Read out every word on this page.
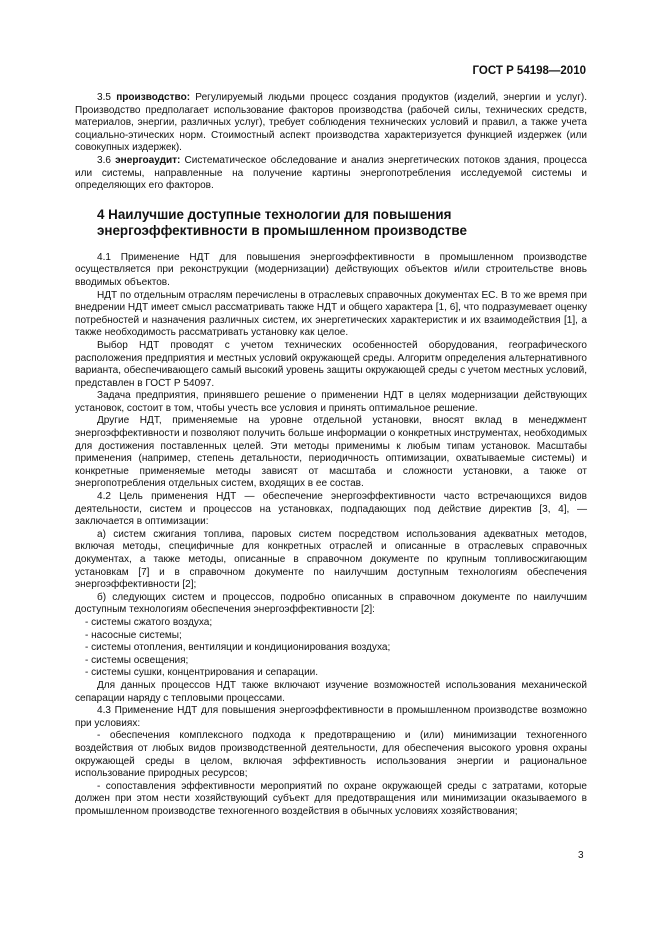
ГОСТ Р 54198—2010

3.5 производство: Регулируемый людьми процесс создания продуктов (изделий, энергии и услуг). Производство предполагает использование факторов производства (рабочей силы, технических средств, материалов, энергии, различных услуг), требует соблюдения технических условий и правил, а также учета социально-этических норм. Стоимостный аспект производства характеризуется функцией издержек (или совокупных издержек).

3.6 энергоаудит: Систематическое обследование и анализ энергетических потоков здания, процесса или системы, направленные на получение картины энергопотребления исследуемой системы и определяющих его факторов.

4 Наилучшие доступные технологии для повышения
энергоэффективности в промышленном производстве

4.1 Применение НДТ для повышения энергоэффективности в промышленном производстве осуществляется при реконструкции (модернизации) действующих объектов и/или строительстве вновь вводимых объектов.

НДТ по отдельным отраслям перечислены в отраслевых справочных документах ЕС. В то же время при внедрении НДТ имеет смысл рассматривать также НДТ и общего характера [1, 6], что подразумевает оценку потребностей и назначения различных систем, их энергетических характеристик и их взаимодействия [1], а также необходимость рассматривать установку как целое.

Выбор НДТ проводят с учетом технических особенностей оборудования, географического расположения предприятия и местных условий окружающей среды. Алгоритм определения альтернативного варианта, обеспечивающего самый высокий уровень защиты окружающей среды с учетом местных условий, представлен в ГОСТ Р 54097.

Задача предприятия, принявшего решение о применении НДТ в целях модернизации действующих установок, состоит в том, чтобы учесть все условия и принять оптимальное решение.

Другие НДТ, применяемые на уровне отдельной установки, вносят вклад в менеджмент энергоэффективности и позволяют получить больше информации о конкретных инструментах, необходимых для достижения поставленных целей. Эти методы применимы к любым типам установок. Масштабы применения (например, степень детальности, периодичность оптимизации, охватываемые системы) и конкретные применяемые методы зависят от масштаба и сложности установки, а также от энергопотребления отдельных систем, входящих в ее состав.

4.2 Цель применения НДТ — обеспечение энергоэффективности часто встречающихся видов деятельности, систем и процессов на установках, подпадающих под действие директив [3, 4], — заключается в оптимизации:

а) систем сжигания топлива, паровых систем посредством использования адекватных методов, включая методы, специфичные для конкретных отраслей и описанные в отраслевых справочных документах, а также методы, описанные в справочном документе по крупным топливосжигающим установкам [7] и в справочном документе по наилучшим доступным технологиям обеспечения энергоэффективности [2];

б) следующих систем и процессов, подробно описанных в справочном документе по наилучшим доступным технологиям обеспечения энергоэффективности [2]:

- системы сжатого воздуха;

- насосные системы;

- системы отопления, вентиляции и кондиционирования воздуха;

- системы освещения;

- системы сушки, концентрирования и сепарации.

Для данных процессов НДТ также включают изучение возможностей использования механической сепарации наряду с тепловыми процессами.

4.3 Применение НДТ для повышения энергоэффективности в промышленном производстве возможно при условиях:

- обеспечения комплексного подхода к предотвращению и (или) минимизации техногенного воздействия от любых видов производственной деятельности, для обеспечения высокого уровня охраны окружающей среды в целом, включая эффективность использования энергии и рациональное использование природных ресурсов;

- сопоставления эффективности мероприятий по охране окружающей среды с затратами, которые должен при этом нести хозяйствующий субъект для предотвращения или минимизации оказываемого в промышленном производстве техногенного воздействия в обычных условиях хозяйствования;

3
